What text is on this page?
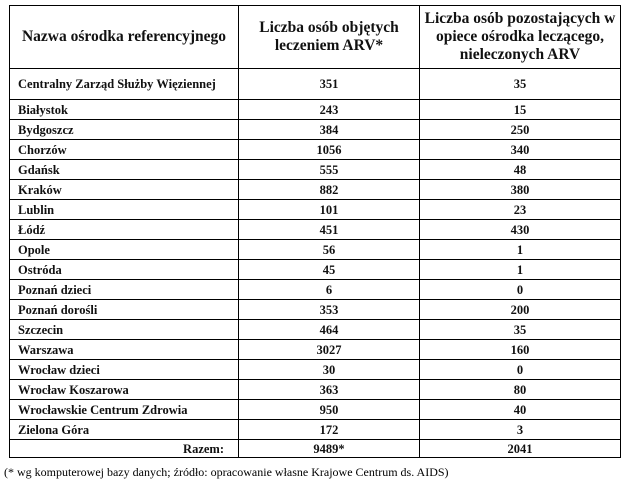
Nazwa ośrodka referencyjnego	Liczba osób objętych leczeniem ARV*	Liczba osób pozostających w opiece ośrodka leczącego, nieleczonych ARV
Centralny Zarząd Służby Więziennej	351	35
Białystok	243	15
Bydgoszcz	384	250
Chorzów	1056	340
Gdańsk	555	48
Kraków	882	380
Lublin	101	23
Łódź	451	430
Opole	56	1
Ostróda	45	1
Poznań dzieci	6	0
Poznań dorośli	353	200
Szczecin	464	35
Warszawa	3027	160
Wrocław dzieci	30	0
Wrocław Koszarowa	363	80
Wrocławskie Centrum Zdrowia	950	40
Zielona Góra	172	3
Razem:	9489*	2041
(* wg komputerowej bazy danych; źródło: opracowanie własne Krajowe Centrum ds. AIDS)
